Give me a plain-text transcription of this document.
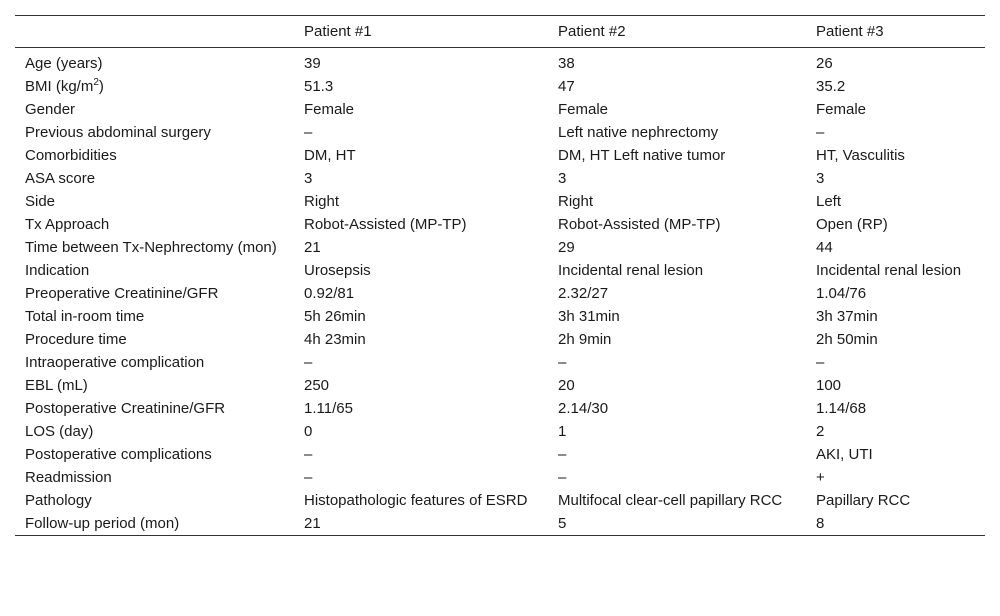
	Patient #1	Patient #2	Patient #3
Age (years)	39	38	26
BMI $(kg/m^2)$	51.3	47	35.2
Gender	Female	Female	Female
Previous abdominal surgery	–	Left native nephrectomy	–
Comorbidities	DM, HT	DM, HT Left native tumor	HT, Vasculitis
ASA score	3	3	3
Side	Right	Right	Left
Tx Approach	Robot-Assisted (MP-TP)	Robot-Assisted (MP-TP)	Open (RP)
Time between Tx-Nephrectomy (mon)	21	29	44
Indication	Urosepsis	Incidental renal lesion	Incidental renal lesion
Preoperative Creatinine/GFR	0.92/81	2.32/27	1.04/76
Total in-room time	5h 26min	3h 31min	3h 37min
Procedure time	4h 23min	2h 9min	2h 50min
Intraoperative complication	–	–	–
EBL (mL)	250	20	100
Postoperative Creatinine/GFR	1.11/65	2.14/30	1.14/68
LOS (day)	0	1	2
Postoperative complications	–	–	AKI, UTI
Readmission	–	–	+
Pathology	Histopathologic features of ESRD	Multifocal clear-cell papillary RCC	Papillary RCC
Follow-up period (mon)	21	5	8
